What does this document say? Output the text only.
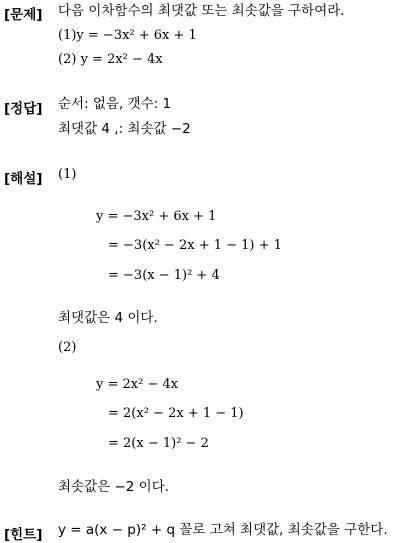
[문제]
[정답]
[해설]
[힌트]
다음 이차함수의 최댓값 또는 최솟값을 구하여라.
(1)y = −3x² + 6x + 1
(2) y = 2x² − 4x
순서: 없음, 갯수: 1
최댓값 4 ,: 최솟값 −2
(1)
y = −3x² + 6x + 1
= −3(x² − 2x + 1 − 1) + 1
= −3(x − 1)² + 4
최댓값은 4 이다.
(2)
y = 2x² − 4x
= 2(x² − 2x + 1 − 1)
= 2(x − 1)² − 2
최솟값은 −2 이다.
y = a(x − p)² + q 꼴로 고쳐 최댓값, 최솟값을 구한다.
